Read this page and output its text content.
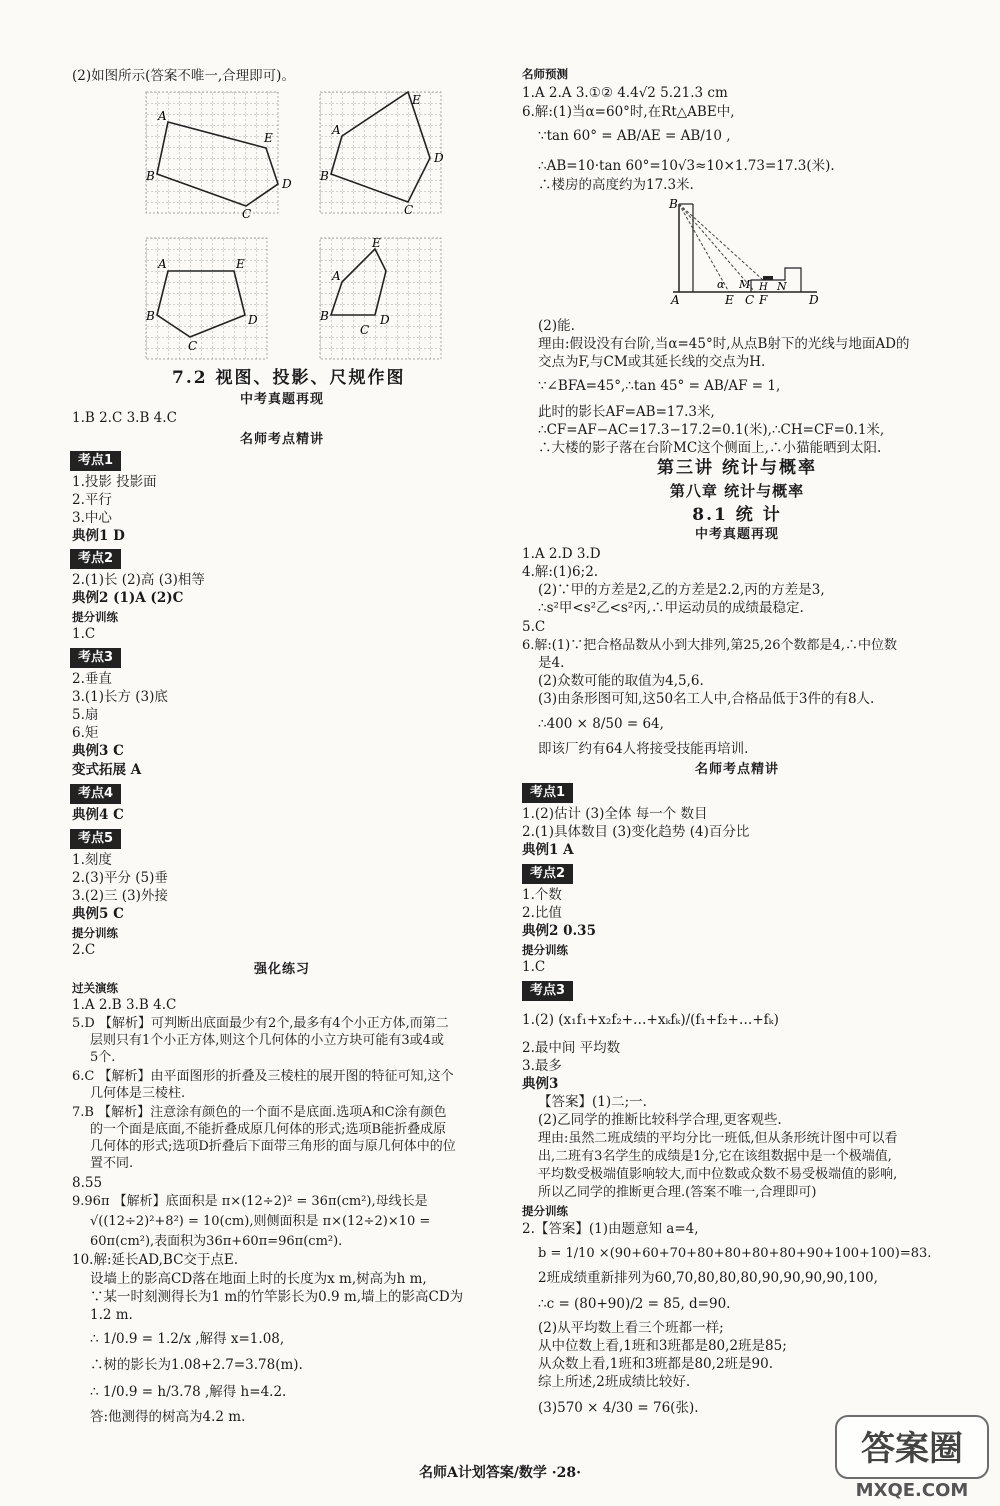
(2)如图所示(答案不唯一,合理即可)。
A
E
D
C
B
A
E
D
C
B
A	E
D
C
B
A
E
D
C
B
7.2 视图、投影、尺规作图
中考真题再现
1.B 2.C 3.B 4.C
名师考点精讲
考点1
1.投影 投影面
2.平行
3.中心
典例1 D
考点2
2.(1)长 (2)高 (3)相等
典例2 (1)A (2)C
提分训练
1.C
考点3
2.垂直
3.(1)长方 (3)底
5.扇
6.矩
典例3 C
变式拓展 A
考点4
典例4 C
考点5
1.刻度
2.(3)平分 (5)垂
3.(2)三 (3)外接
典例5 C
提分训练
2.C
强化练习
过关演练
1.A 2.B 3.B 4.C
5.D 【解析】可判断出底面最少有2个,最多有4个小正方体,而第二
层则只有1个小正方体,则这个几何体的小立方块可能有3或4或
5个.
6.C 【解析】由平面图形的折叠及三棱柱的展开图的特征可知,这个
几何体是三棱柱.
7.B 【解析】注意涂有颜色的一个面不是底面.选项A和C涂有颜色
的一个面是底面,不能折叠成原几何体的形式;选项B能折叠成原
几何体的形式;选项D折叠后下面带三角形的面与原几何体中的位
置不同.
8.55
9.96π 【解析】底面积是 π×(12÷2)² = 36π(cm²),母线长是
√((12÷2)²+8²) = 10(cm),则侧面积是 π×(12÷2)×10 =
60π(cm²),表面积为36π+60π=96π(cm²).
10.解:延长AD,BC交于点E.
设墙上的影高CD落在地面上时的长度为x m,树高为h m,
∵某一时刻测得长为1 m的竹竿影长为0.9 m,墙上的影高CD为
1.2 m.
∴ 1/0.9 = 1.2/x ,解得 x=1.08,
∴树的影长为1.08+2.7=3.78(m).
∴ 1/0.9 = h/3.78 ,解得 h=4.2.
答:他测得的树高为4.2 m.
名师预测
1.A 2.A 3.①② 4.4√2 5.21.3 cm
6.解:(1)当α=60°时,在Rt△ABE中,
∵tan 60° = AB/AE = AB/10 ,
∴AB=10·tan 60°=10√3≈10×1.73=17.3(米).
∴楼房的高度约为17.3米.
B
A
α
E
M H
C F
N
D
(2)能.
理由:假设没有台阶,当α=45°时,从点B射下的光线与地面AD的
交点为F,与CM或其延长线的交点为H.
∵∠BFA=45°,∴tan 45° = AB/AF = 1,
此时的影长AF=AB=17.3米,
∴CF=AF−AC=17.3−17.2=0.1(米),∴CH=CF=0.1米,
∴大楼的影子落在台阶MC这个侧面上,∴小猫能晒到太阳.
第三讲 统计与概率
第八章 统计与概率
8.1 统 计
中考真题再现
1.A 2.D 3.D
4.解:(1)6;2.
(2)∵甲的方差是2,乙的方差是2.2,丙的方差是3,
∴s²甲<s²乙<s²丙,∴甲运动员的成绩最稳定.
5.C
6.解:(1)∵把合格品数从小到大排列,第25,26个数都是4,∴中位数
是4.
(2)众数可能的取值为4,5,6.
(3)由条形图可知,这50名工人中,合格品低于3件的有8人.
∴400 × 8/50 = 64,
即该厂约有64人将接受技能再培训.
名师考点精讲
考点1
1.(2)估计 (3)全体 每一个 数目
2.(1)具体数目 (3)变化趋势 (4)百分比
典例1 A
考点2
1.个数
2.比值
典例2 0.35
提分训练
1.C
考点3
1.(2) (x₁f₁+x₂f₂+…+xₖfₖ)/(f₁+f₂+…+fₖ)
2.最中间 平均数
3.最多
典例3
【答案】(1)二;一.
(2)乙同学的推断比较科学合理,更客观些.
理由:虽然二班成绩的平均分比一班低,但从条形统计图中可以看
出,二班有3名学生的成绩是1分,它在该组数据中是一个极端值,
平均数受极端值影响较大,而中位数或众数不易受极端值的影响,
所以乙同学的推断更合理.(答案不唯一,合理即可)
提分训练
2.【答案】(1)由题意知 a=4,
b = 1/10 ×(90+60+70+80+80+80+80+90+100+100)=83.
2班成绩重新排列为60,70,80,80,80,90,90,90,90,100,
∴c = (80+90)/2 = 85, d=90.
(2)从平均数上看三个班都一样;
从中位数上看,1班和3班都是80,2班是85;
从众数上看,1班和3班都是80,2班是90.
综上所述,2班成绩比较好.
(3)570 × 4/30 = 76(张).
名师A计划答案/数学 ·28·
答案圈
MXQE.COM
